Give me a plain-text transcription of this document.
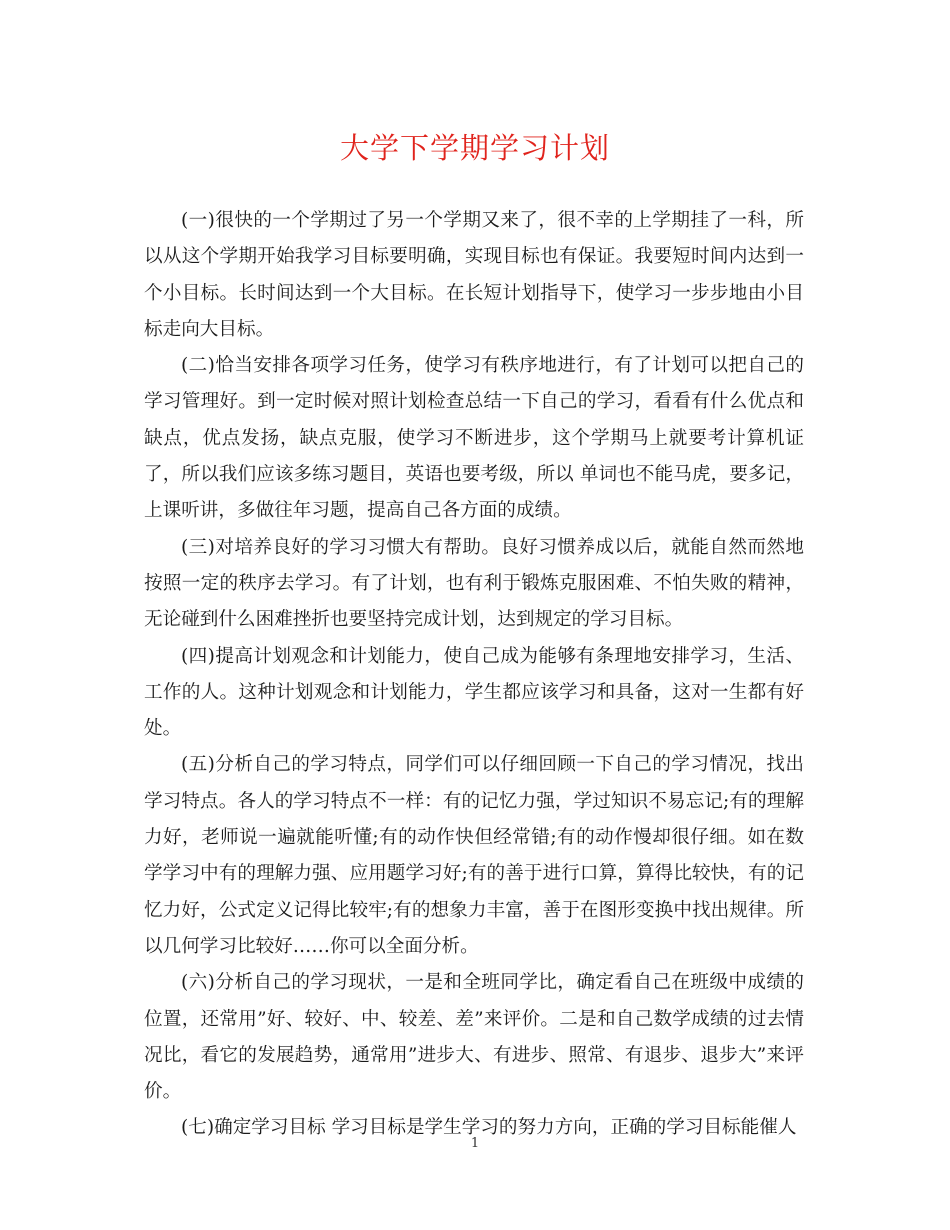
大学下学期学习计划

(一)很快的一个学期过了另一个学期又来了，很不幸的上学期挂了一科，所以从这个学期开始我学习目标要明确，实现目标也有保证。我要短时间内达到一个小目标。长时间达到一个大目标。在长短计划指导下，使学习一步步地由小目标走向大目标。

(二)恰当安排各项学习任务，使学习有秩序地进行，有了计划可以把自己的学习管理好。到一定时候对照计划检查总结一下自己的学习，看看有什么优点和缺点，优点发扬，缺点克服，使学习不断进步，这个学期马上就要考计算机证了，所以我们应该多练习题目，英语也要考级，所以 单词也不能马虎，要多记，上课听讲，多做往年习题，提高自己各方面的成绩。

(三)对培养良好的学习习惯大有帮助。良好习惯养成以后，就能自然而然地按照一定的秩序去学习。有了计划，也有利于锻炼克服困难、不怕失败的精神，无论碰到什么困难挫折也要坚持完成计划，达到规定的学习目标。

(四)提高计划观念和计划能力，使自己成为能够有条理地安排学习，生活、工作的人。这种计划观念和计划能力，学生都应该学习和具备，这对一生都有好处。

(五)分析自己的学习特点，同学们可以仔细回顾一下自己的学习情况，找出学习特点。各人的学习特点不一样：有的记忆力强，学过知识不易忘记;有的理解力好，老师说一遍就能听懂;有的动作快但经常错;有的动作慢却很仔细。如在数学学习中有的理解力强、应用题学习好;有的善于进行口算，算得比较快，有的记忆力好，公式定义记得比较牢;有的想象力丰富，善于在图形变换中找出规律。所以几何学习比较好……你可以全面分析。

(六)分析自己的学习现状，一是和全班同学比，确定看自己在班级中成绩的位置，还常用”好、较好、中、较差、差”来评价。二是和自己数学成绩的过去情况比，看它的发展趋势，通常用”进步大、有进步、照常、有退步、退步大”来评价。

(七)确定学习目标 学习目标是学生学习的努力方向，正确的学习目标能催人

1
